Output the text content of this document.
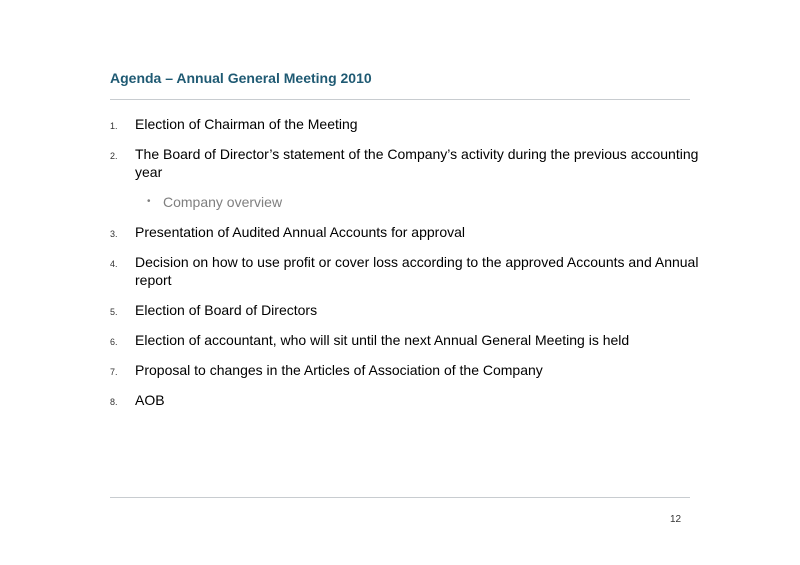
Agenda – Annual General Meeting 2010
1. Election of Chairman of the Meeting
2. The Board of Director’s statement of the Company’s activity during the previous accounting year
• Company overview
3. Presentation of Audited Annual Accounts for approval
4. Decision on how to use profit or cover loss according to the approved Accounts and Annual report
5. Election of Board of Directors
6. Election of accountant, who will sit until the next Annual General Meeting is held
7. Proposal to changes in the Articles of Association of the Company
8. AOB
12
